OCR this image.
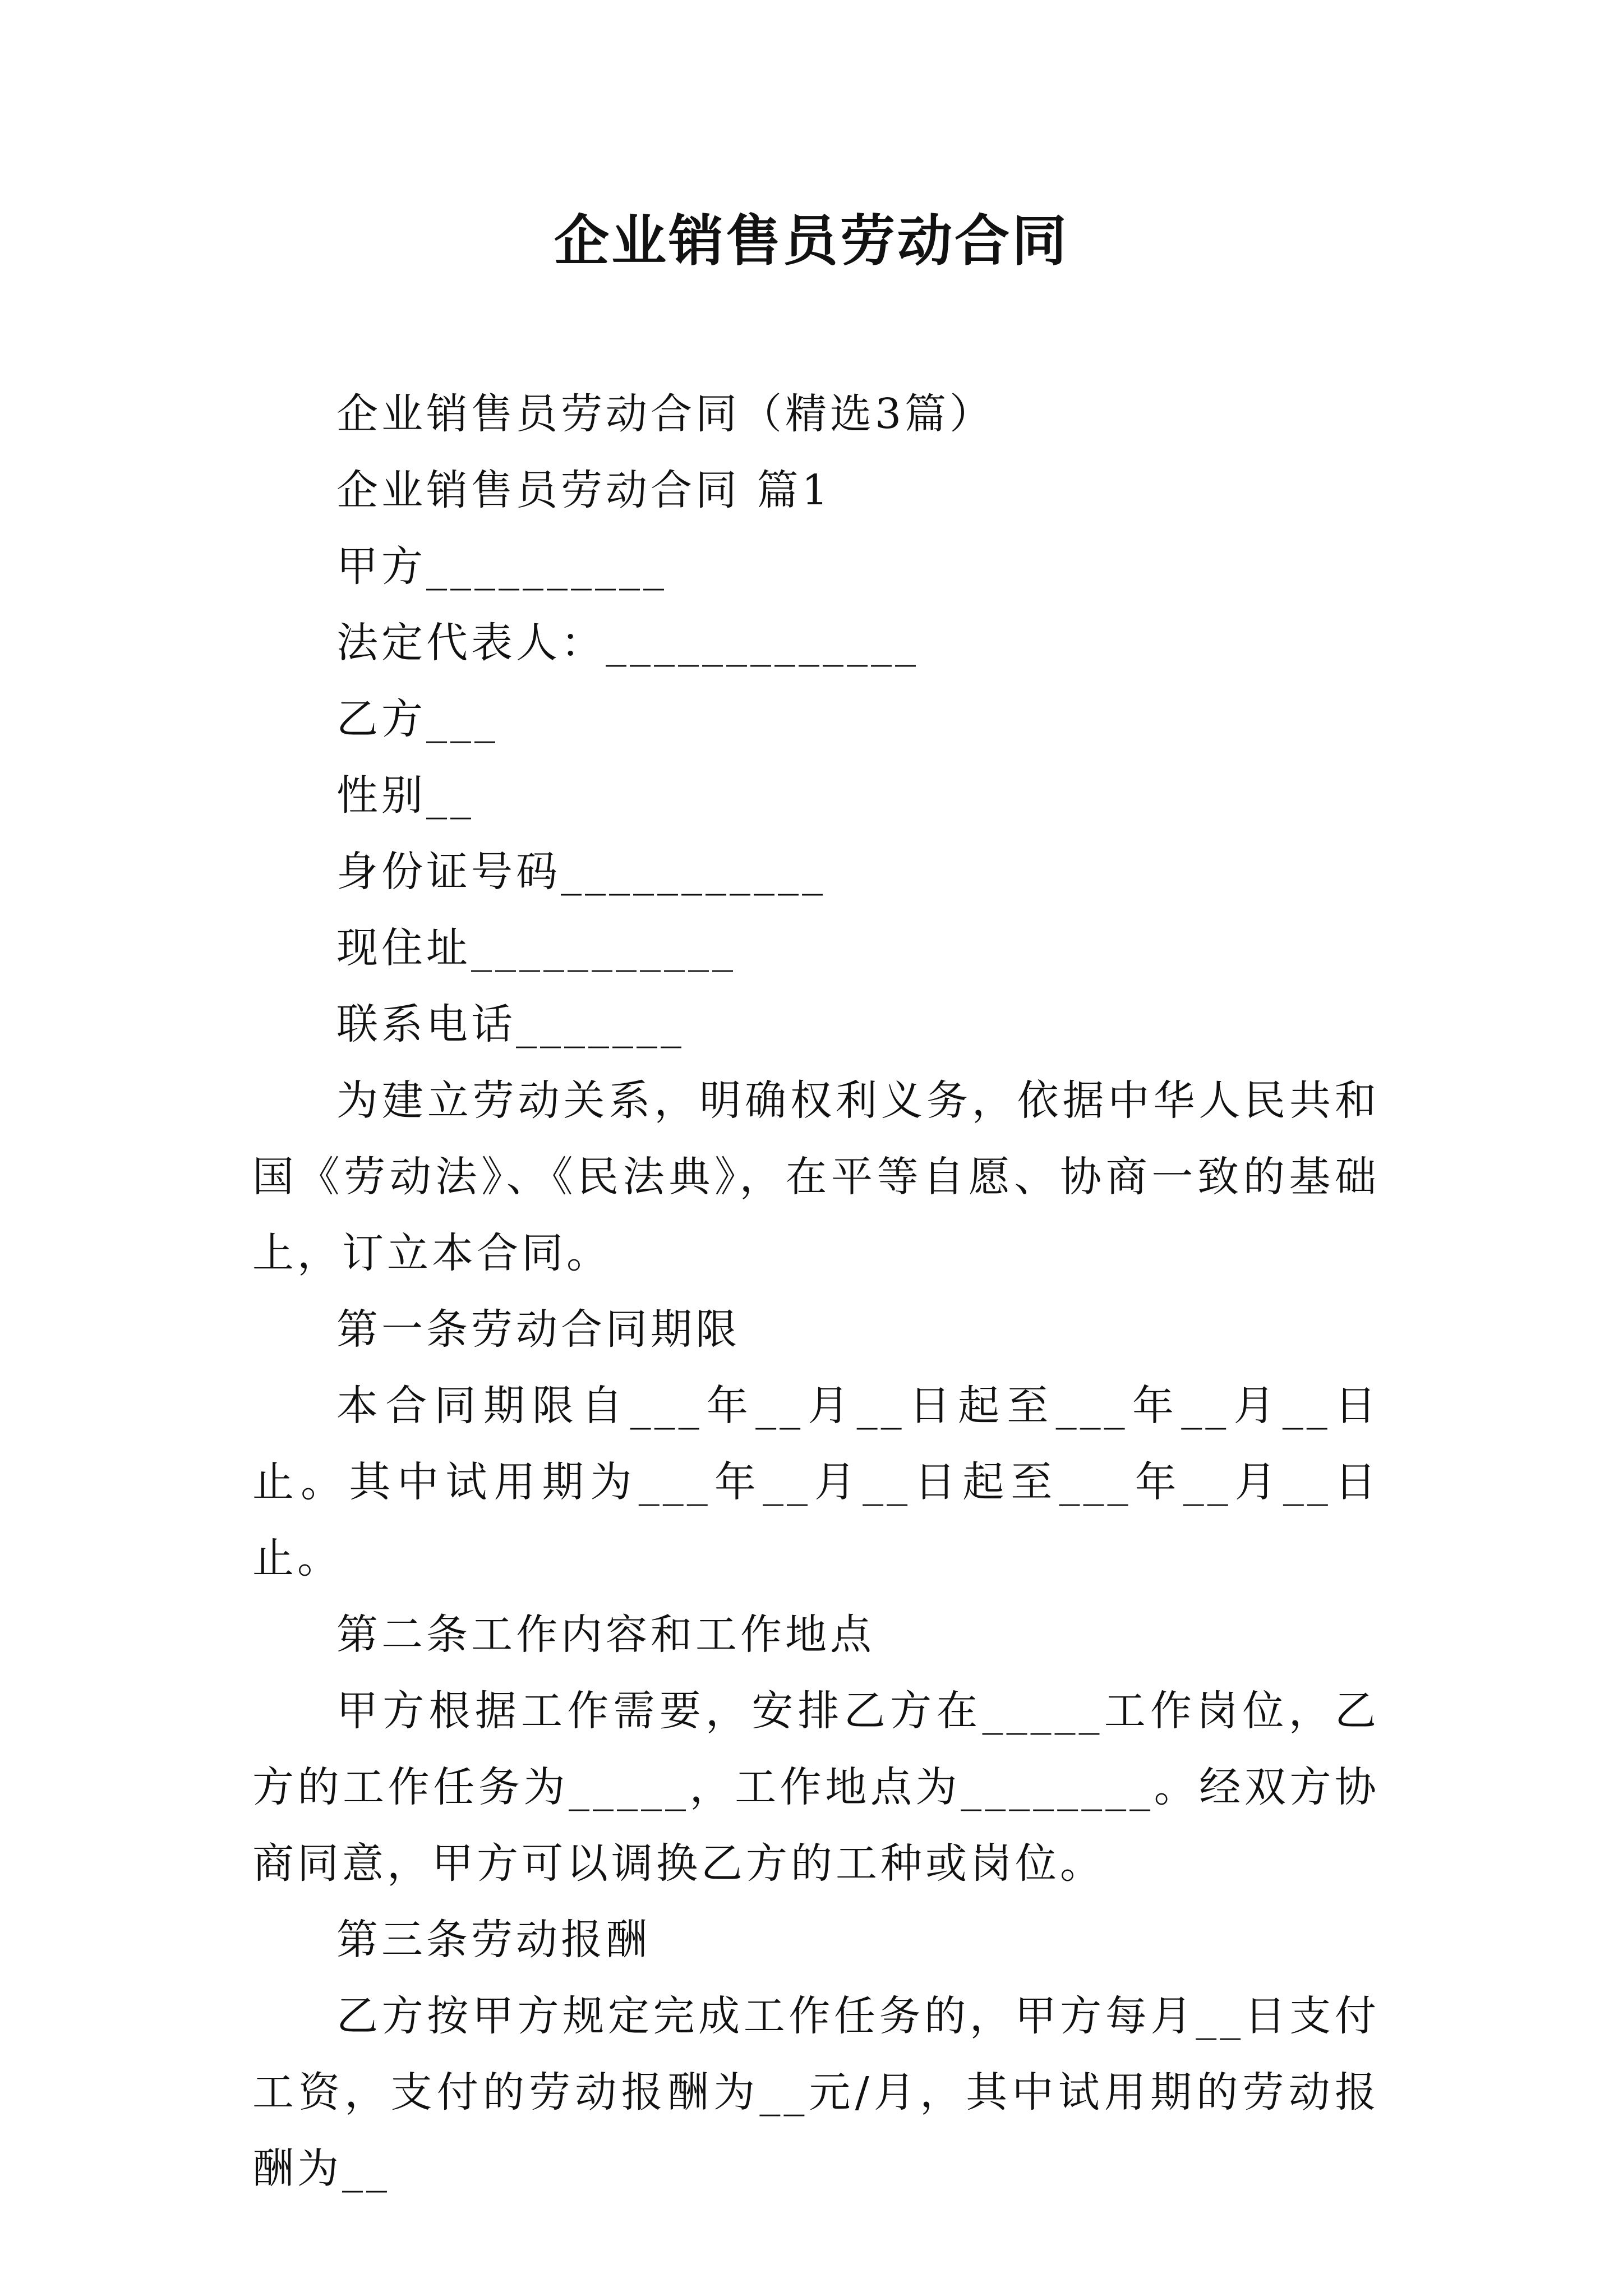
企业销售员劳动合同

企业销售员劳动合同（精选3篇）

企业销售员劳动合同 篇1

甲方__________

法定代表人：_____________

乙方___

性别__

身份证号码___________

现住址___________

联系电话_______

为建立劳动关系，明确权利义务，依据中华人民共和国《劳动法》、《民法典》，在平等自愿、协商一致的基础上，订立本合同。

第一条劳动合同期限

本合同期限自___年__月__日起至___年__月__日止。其中试用期为___年__月__日起至___年__月__日止。

第二条工作内容和工作地点

甲方根据工作需要，安排乙方在_____工作岗位，乙方的工作任务为_____，工作地点为________。经双方协商同意，甲方可以调换乙方的工种或岗位。

第三条劳动报酬

乙方按甲方规定完成工作任务的，甲方每月__日支付工资，支付的劳动报酬为__元/月，其中试用期的劳动报酬为__
